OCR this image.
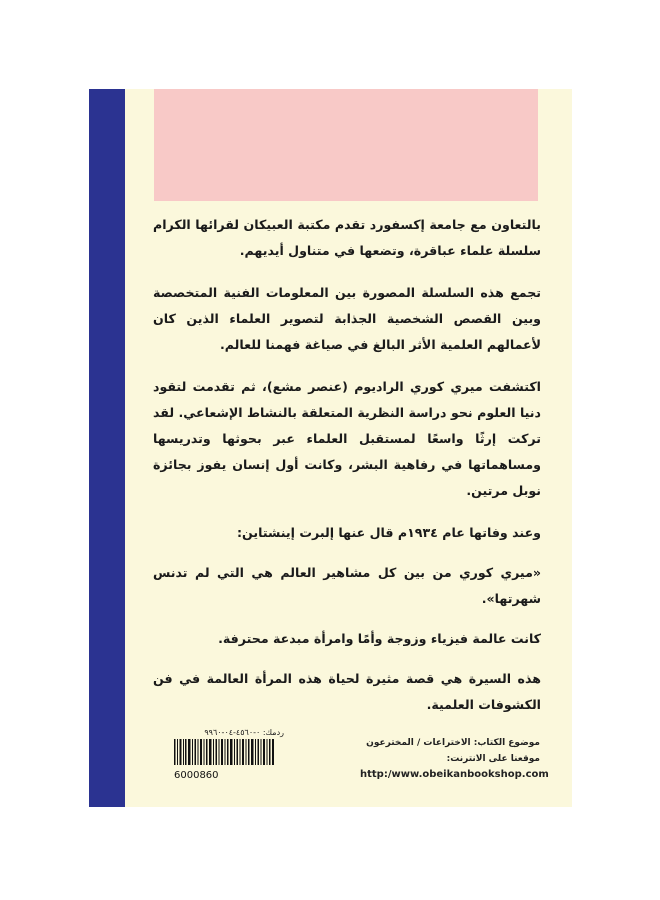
بالتعاون مع جامعة إكسفورد تقدم مكتبة العبيكان لقرائها الكرام سلسلة علماء عباقرة، وتضعها في متناول أيديهم.

تجمع هذه السلسلة المصورة بين المعلومات الفنية المتخصصة وبين القصص الشخصية الجذابة لتصوير العلماء الذين كان لأعمالهم العلمية الأثر البالغ في صياغة فهمنا للعالم.

اكتشفت ميري كوري الراديوم (عنصر مشع)، ثم تقدمت لتقود دنيا العلوم نحو دراسة النظرية المتعلقة بالنشاط الإشعاعي. لقد تركت إرثًا واسعًا لمستقبل العلماء عبر بحوثها وتدريسها ومساهماتها في رفاهية البشر، وكانت أول إنسان يفوز بجائزة نوبل مرتين.

وعند وفاتها عام ١٩٣٤م قال عنها إلبرت إينشتاين:

«ميري كوري من بين كل مشاهير العالم هي التي لم تدنس شهرتها».

كانت عالمة فيزياء وزوجة وأمًا وامرأة مبدعة محترفة.

هذه السيرة هي قصة مثيرة لحياة هذه المرأة العالمة في فن الكشوفات العلمية.

ردمك: ٠-٤٥٦٠-٠٤-٩٩٦٠
6000860
موضوع الكتاب: الاختراعات / المخترعون
موقعنا على الانترنت:
http:/www.obeikanbookshop.com
